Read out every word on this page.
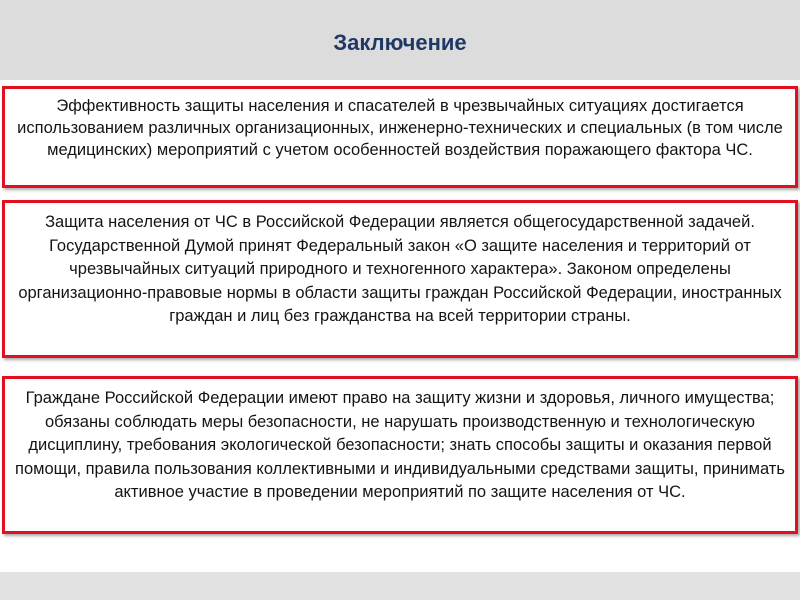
Заключение
Эффективность защиты населения и спасателей в чрезвычайных ситуациях достигается использованием различных организационных, инженерно-технических и специальных (в том числе медицинских) мероприятий с учетом особенностей воздействия поражающего фактора ЧС.
Защита населения от ЧС в Российской Федерации является общегосударственной задачей. Государственной Думой принят Федеральный закон «О защите населения и территорий от чрезвычайных ситуаций природного и техногенного характера». Законом определены организационно-правовые нормы в области защиты граждан Российской Федерации, иностранных граждан и лиц без гражданства на всей территории страны.
Граждане Российской Федерации имеют право на защиту жизни и здоровья, личного имущества; обязаны соблюдать меры безопасности, не нарушать производственную и технологическую дисциплину, требования экологической безопасности; знать способы защиты и оказания первой помощи, правила пользования коллективными и индивидуальными средствами защиты, принимать активное участие в проведении мероприятий по защите населения от ЧС.
